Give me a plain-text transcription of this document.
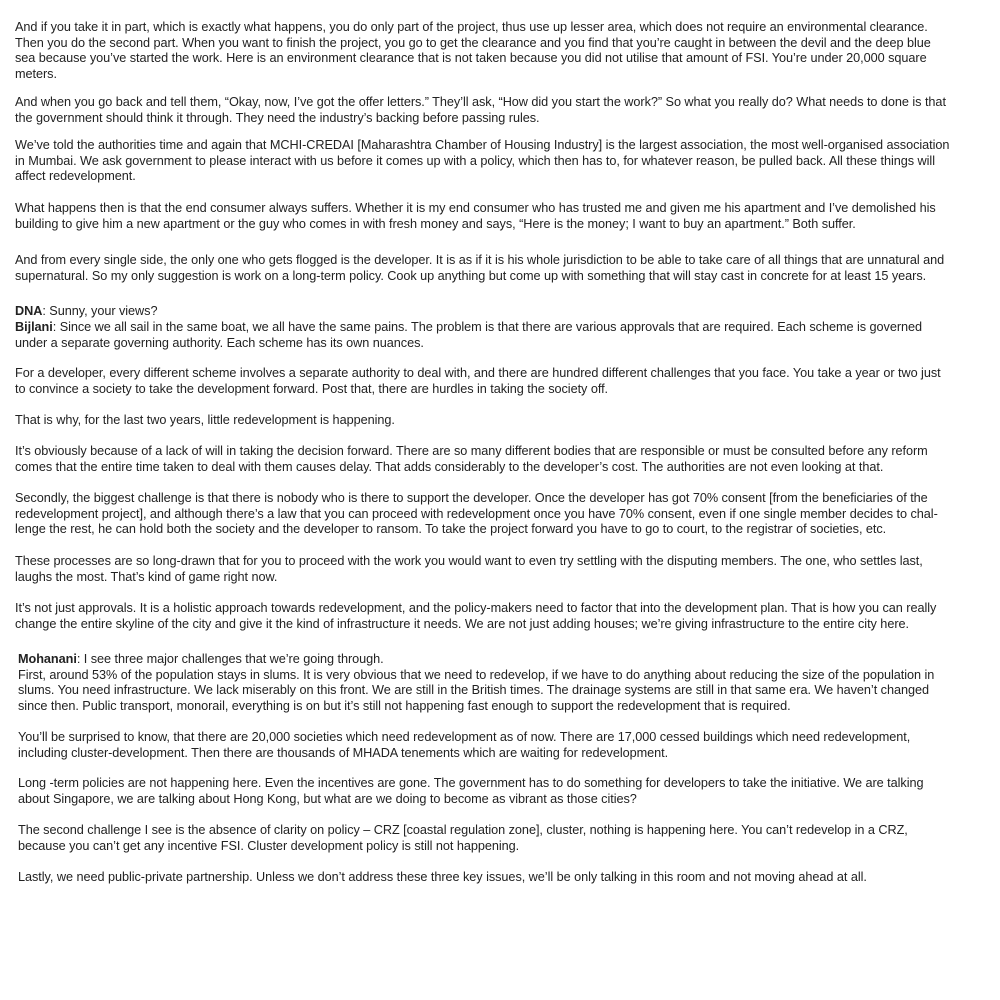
And if you take it in part, which is exactly what happens, you do only part of the project, thus use up lesser area, which does not require an environmental clearance.
Then you do the second part. When you want to finish the project, you go to get the clearance and you find that you’re caught in between the devil and the deep blue
sea because you’ve started the work. Here is an environment clearance that is not taken because you did not utilise that amount of FSI. You’re under 20,000 square
meters.

And when you go back and tell them, “Okay, now, I’ve got the offer letters.” They’ll ask, “How did you start the work?” So what you really do? What needs to done is that
the government should think it through. They need the industry’s backing before passing rules.

We’ve told the authorities time and again that MCHI-CREDAI [Maharashtra Chamber of Housing Industry] is the largest association, the most well-organised association
in Mumbai. We ask government to please interact with us before it comes up with a policy, which then has to, for whatever reason, be pulled back. All these things will
affect redevelopment.

What happens then is that the end consumer always suffers. Whether it is my end consumer who has trusted me and given me his apartment and I’ve demolished his
building to give him a new apartment or the guy who comes in with fresh money and says, “Here is the money; I want to buy an apartment.” Both suffer.

And from every single side, the only one who gets flogged is the developer. It is as if it is his whole jurisdiction to be able to take care of all things that are unnatural and
supernatural. So my only suggestion is work on a long-term policy. Cook up anything but come up with something that will stay cast in concrete for at least 15 years.

DNA: Sunny, your views?

Bijlani: Since we all sail in the same boat, we all have the same pains. The problem is that there are various approvals that are required. Each scheme is governed
under a separate governing authority. Each scheme has its own nuances.

For a developer, every different scheme involves a separate authority to deal with, and there are hundred different challenges that you face. You take a year or two just
to convince a society to take the development forward. Post that, there are hurdles in taking the society off.

That is why, for the last two years, little redevelopment is happening.

It’s obviously because of a lack of will in taking the decision forward. There are so many different bodies that are responsible or must be consulted before any reform
comes that the entire time taken to deal with them causes delay. That adds considerably to the developer’s cost. The authorities are not even looking at that.

Secondly, the biggest challenge is that there is nobody who is there to support the developer. Once the developer has got 70% consent [from the beneficiaries of the
redevelopment project], and although there’s a law that you can proceed with redevelopment once you have 70% consent, even if one single member decides to chal-
lenge the rest, he can hold both the society and the developer to ransom. To take the project forward you have to go to court, to the registrar of societies, etc.

These processes are so long-drawn that for you to proceed with the work you would want to even try settling with the disputing members. The one, who settles last,
laughs the most. That’s kind of game right now.

It’s not just approvals. It is a holistic approach towards redevelopment, and the policy-makers need to factor that into the development plan. That is how you can really
change the entire skyline of the city and give it the kind of infrastructure it needs. We are not just adding houses; we’re giving infrastructure to the entire city here.

Mohanani: I see three major challenges that we’re going through.
First, around 53% of the population stays in slums. It is very obvious that we need to redevelop, if we have to do anything about reducing the size of the population in
slums. You need infrastructure. We lack miserably on this front. We are still in the British times. The drainage systems are still in that same era. We haven’t changed
since then. Public transport, monorail, everything is on but it’s still not happening fast enough to support the redevelopment that is required.

You’ll be surprised to know, that there are 20,000 societies which need redevelopment as of now. There are 17,000 cessed buildings which need redevelopment,
including cluster-development. Then there are thousands of MHADA tenements which are waiting for redevelopment.

Long -term policies are not happening here. Even the incentives are gone. The government has to do something for developers to take the initiative. We are talking
about Singapore, we are talking about Hong Kong, but what are we doing to become as vibrant as those cities?

The second challenge I see is the absence of clarity on policy – CRZ [coastal regulation zone], cluster, nothing is happening here. You can’t redevelop in a CRZ,
because you can’t get any incentive FSI. Cluster development policy is still not happening.

Lastly, we need public-private partnership. Unless we don’t address these three key issues, we’ll be only talking in this room and not moving ahead at all.
